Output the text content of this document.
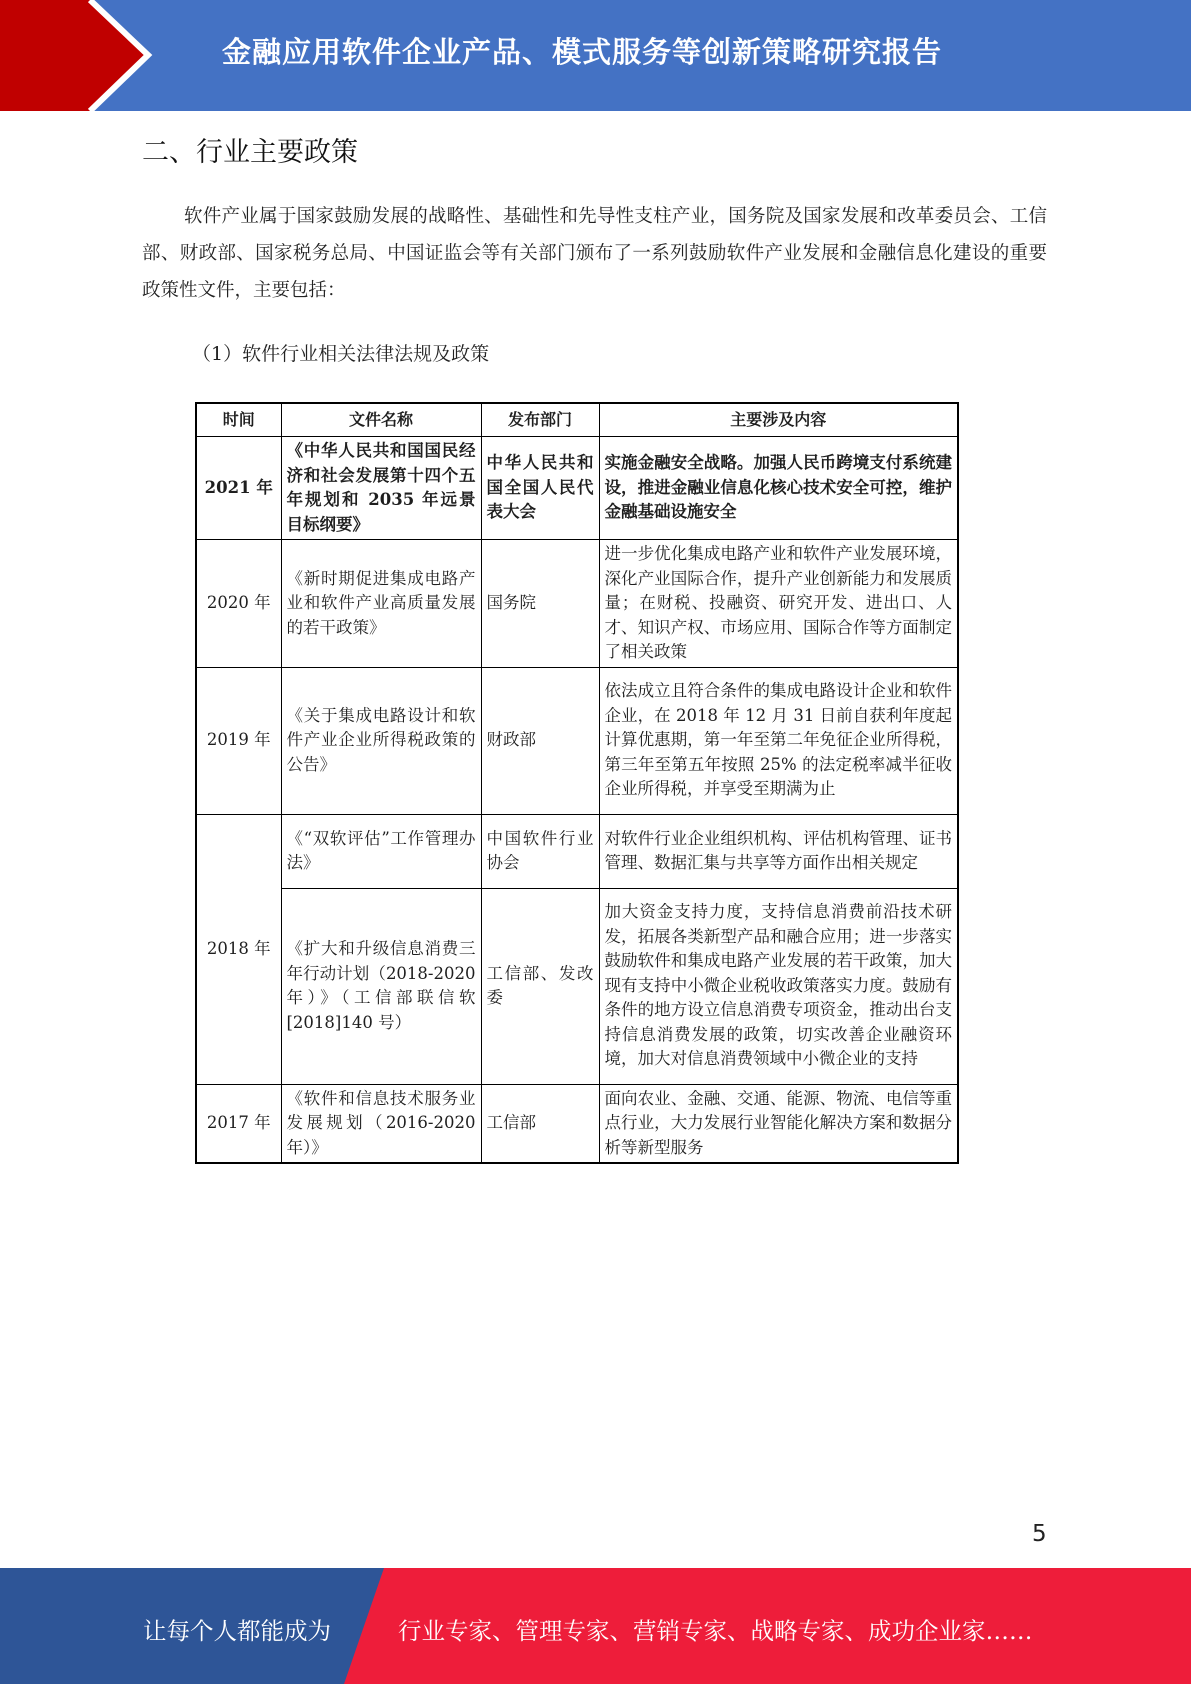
金融应用软件企业产品、模式服务等创新策略研究报告
二、行业主要政策

软件产业属于国家鼓励发展的战略性、基础性和先导性支柱产业，国务院及国家发展和改革委员会、工信部、财政部、国家税务总局、中国证监会等有关部门颁布了一系列鼓励软件产业发展和金融信息化建设的重要政策性文件，主要包括：

（1）软件行业相关法律法规及政策
时间	文件名称	发布部门	主要涉及内容
2021 年	《中华人民共和国国民经济和社会发展第十四个五年规划和 2035 年远景目标纲要》	中华人民共和国全国人民代表大会	实施金融安全战略。加强人民币跨境支付系统建设，推进金融业信息化核心技术安全可控，维护金融基础设施安全
2020 年	《新时期促进集成电路产业和软件产业高质量发展的若干政策》	国务院	进一步优化集成电路产业和软件产业发展环境，深化产业国际合作，提升产业创新能力和发展质量；在财税、投融资、研究开发、进出口、人才、知识产权、市场应用、国际合作等方面制定了相关政策
2019 年	《关于集成电路设计和软件产业企业所得税政策的公告》	财政部	依法成立且符合条件的集成电路设计企业和软件企业，在 2018 年 12 月 31 日前自获利年度起计算优惠期，第一年至第二年免征企业所得税，第三年至第五年按照 25% 的法定税率减半征收企业所得税，并享受至期满为止
2018 年	《“双软评估”工作管理办法》	中国软件行业协会	对软件行业企业组织机构、评估机构管理、证书管理、数据汇集与共享等方面作出相关规定
	《扩大和升级信息消费三年行动计划（2018-2020 年）》（工信部联信软 [2018]140 号）	工信部、发改委	加大资金支持力度，支持信息消费前沿技术研发，拓展各类新型产品和融合应用；进一步落实鼓励软件和集成电路产业发展的若干政策，加大现有支持中小微企业税收政策落实力度。鼓励有条件的地方设立信息消费专项资金，推动出台支持信息消费发展的政策，切实改善企业融资环境，加大对信息消费领域中小微企业的支持
2017 年	《软件和信息技术服务业发展规划（2016-2020 年）》	工信部	面向农业、金融、交通、能源、物流、电信等重点行业，大力发展行业智能化解决方案和数据分析等新型服务
5
让每个人都能成为	行业专家、管理专家、营销专家、战略专家、成功企业家……
